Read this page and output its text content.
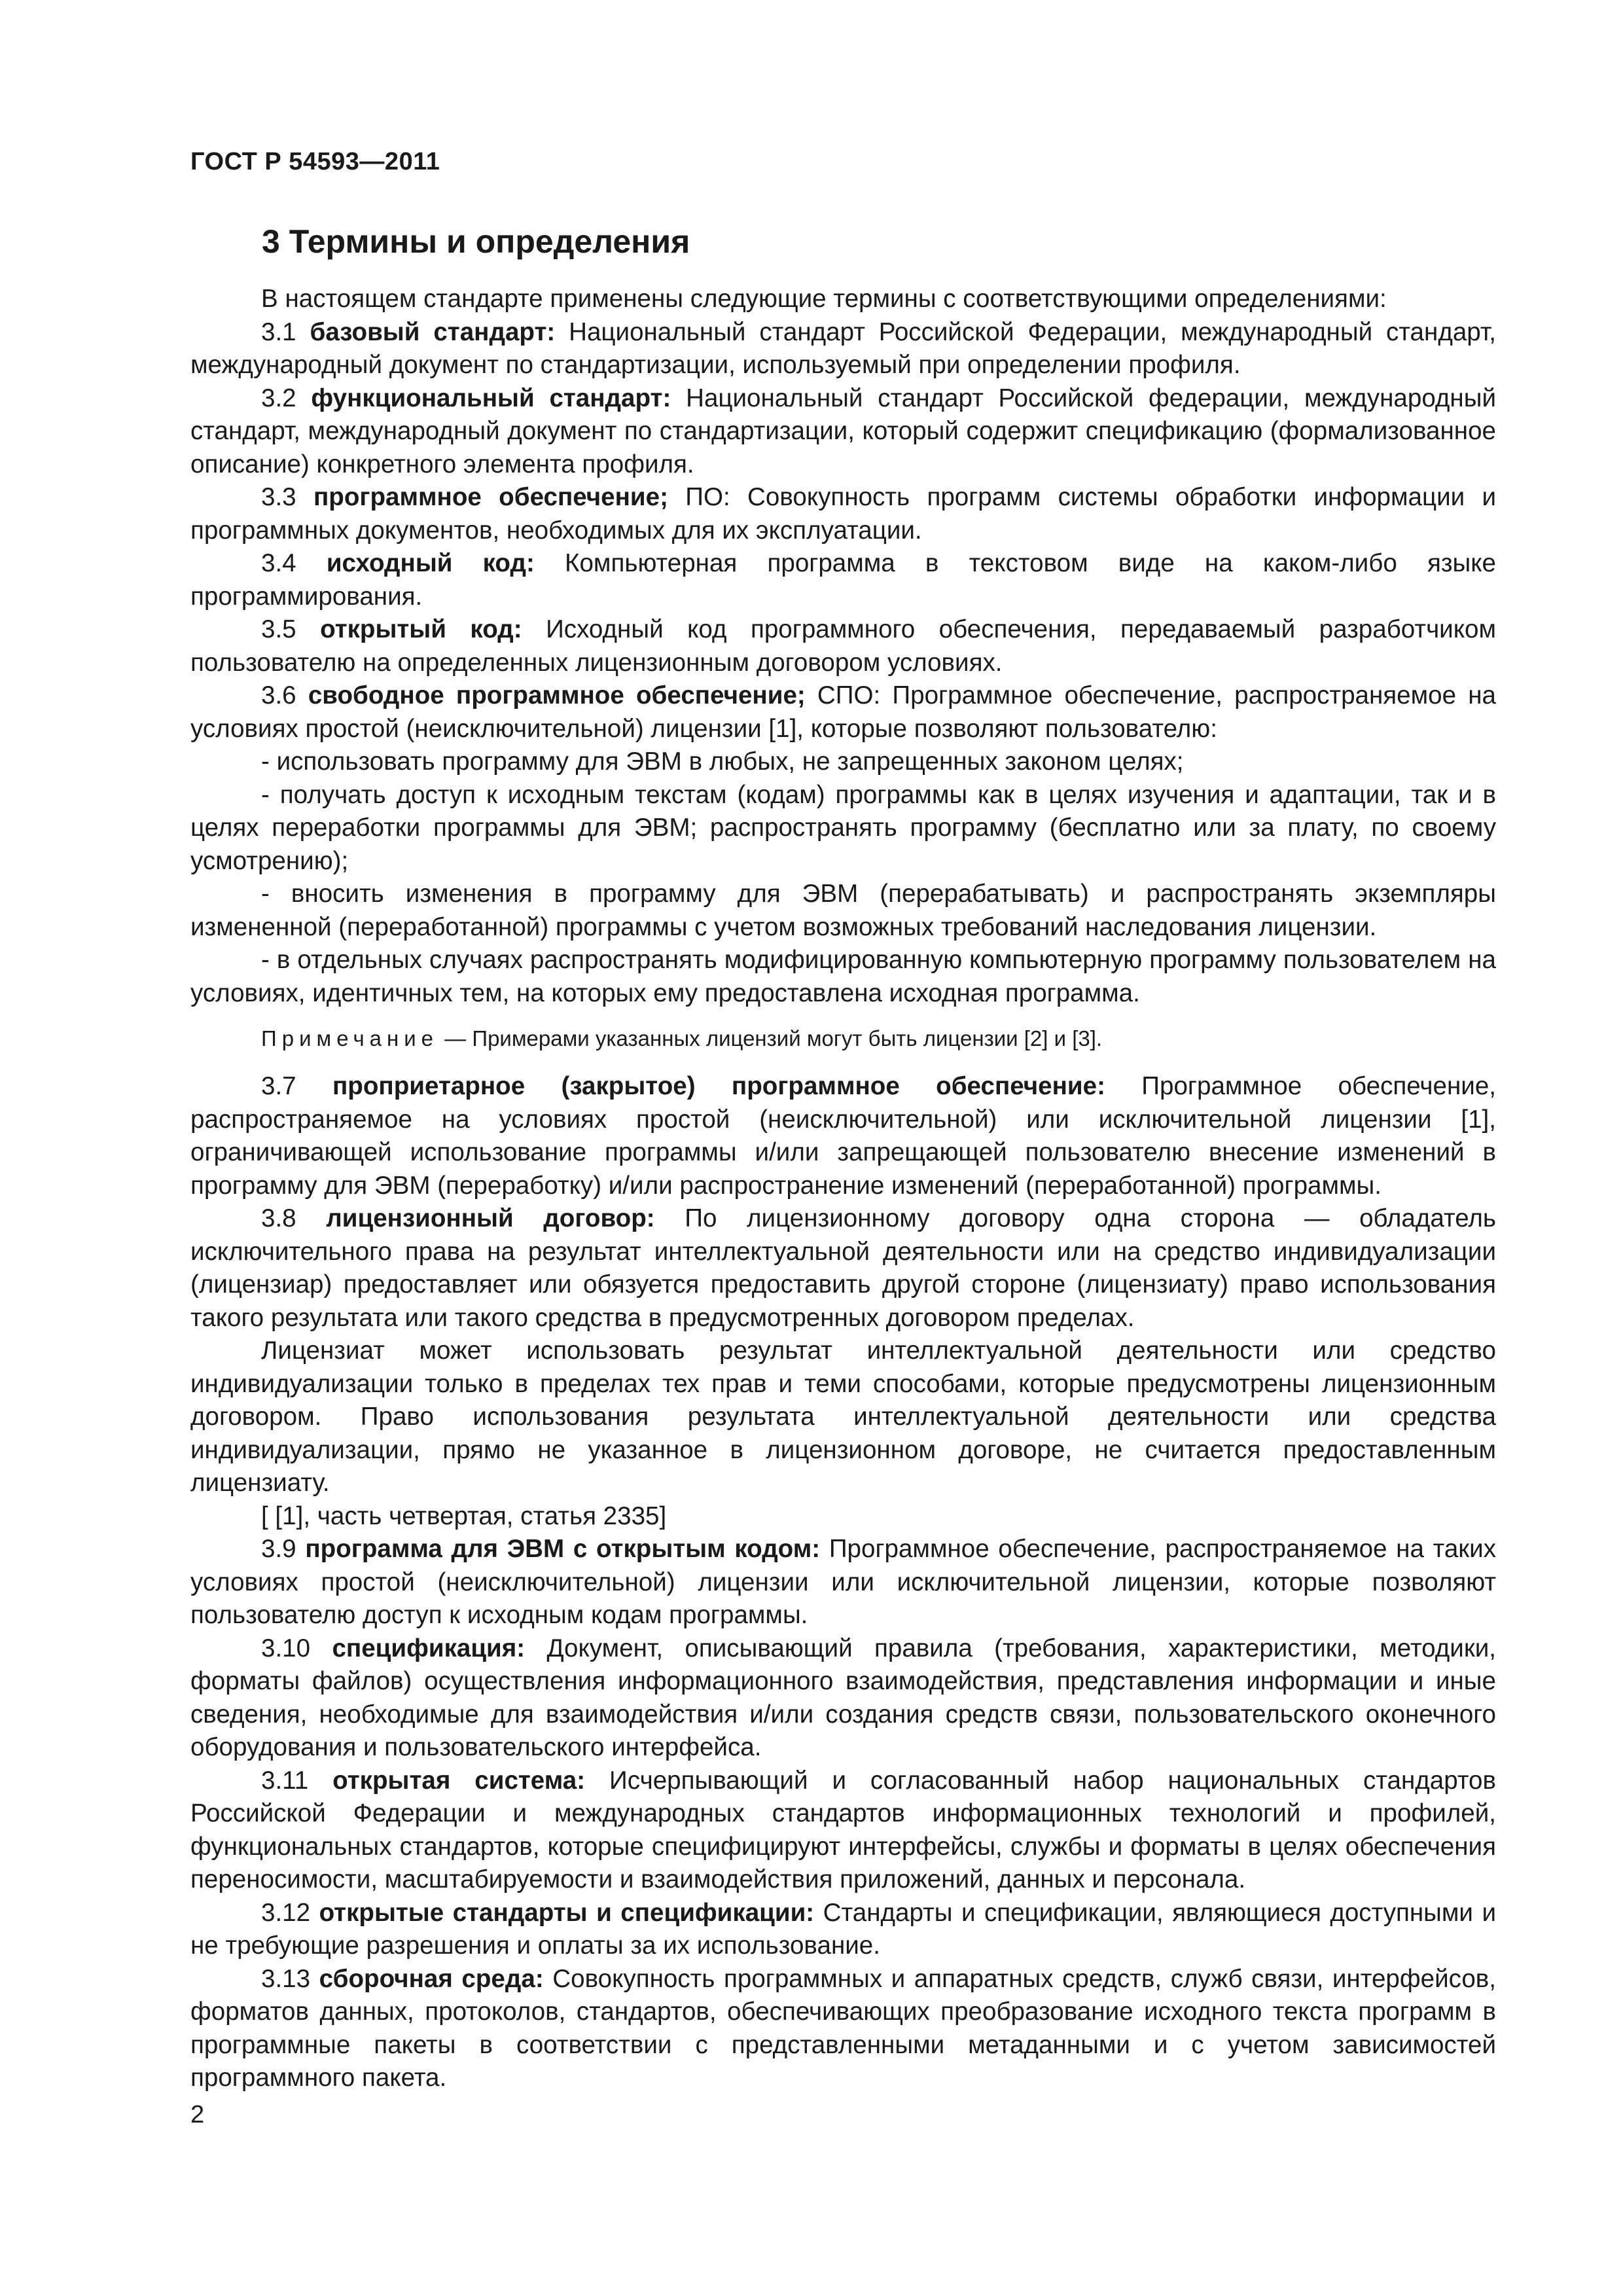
ГОСТ Р 54593—2011
3 Термины и определения

В настоящем стандарте применены следующие термины с соответствующими определениями:

3.1 базовый стандарт: Национальный стандарт Российской Федерации, международный стандарт, международный документ по стандартизации, используемый при определении профиля.

3.2 функциональный стандарт: Национальный стандарт Российской федерации, международный стандарт, международный документ по стандартизации, который содержит спецификацию (формализованное описание) конкретного элемента профиля.

3.3 программное обеспечение; ПО: Совокупность программ системы обработки информации и программных документов, необходимых для их эксплуатации.

3.4 исходный код: Компьютерная программа в текстовом виде на каком-либо языке программирования.

3.5 открытый код: Исходный код программного обеспечения, передаваемый разработчиком пользователю на определенных лицензионным договором условиях.

3.6 свободное программное обеспечение; СПО: Программное обеспечение, распространяемое на условиях простой (неисключительной) лицензии [1], которые позволяют пользователю:

- использовать программу для ЭВМ в любых, не запрещенных законом целях;

- получать доступ к исходным текстам (кодам) программы как в целях изучения и адаптации, так и в целях переработки программы для ЭВМ; распространять программу (бесплатно или за плату, по своему усмотрению);

- вносить изменения в программу для ЭВМ (перерабатывать) и распространять экземпляры измененной (переработанной) программы с учетом возможных требований наследования лицензии.

- в отдельных случаях распространять модифицированную компьютерную программу пользователем на условиях, идентичных тем, на которых ему предоставлена исходная программа.

Примечание — Примерами указанных лицензий могут быть лицензии [2] и [3].

3.7 проприетарное (закрытое) программное обеспечение: Программное обеспечение, распространяемое на условиях простой (неисключительной) или исключительной лицензии [1], ограничивающей использование программы и/или запрещающей пользователю внесение изменений в программу для ЭВМ (переработку) и/или распространение изменений (переработанной) программы.

3.8 лицензионный договор: По лицензионному договору одна сторона — обладатель исключительного права на результат интеллектуальной деятельности или на средство индивидуализации (лицензиар) предоставляет или обязуется предоставить другой стороне (лицензиату) право использования такого результата или такого средства в предусмотренных договором пределах.

Лицензиат может использовать результат интеллектуальной деятельности или средство индивидуализации только в пределах тех прав и теми способами, которые предусмотрены лицензионным договором. Право использования результата интеллектуальной деятельности или средства индивидуализации, прямо не указанное в лицензионном договоре, не считается предоставленным лицензиату.

[ [1], часть четвертая, статья 2335]

3.9 программа для ЭВМ с открытым кодом: Программное обеспечение, распространяемое на таких условиях простой (неисключительной) лицензии или исключительной лицензии, которые позволяют пользователю доступ к исходным кодам программы.

3.10 спецификация: Документ, описывающий правила (требования, характеристики, методики, форматы файлов) осуществления информационного взаимодействия, представления информации и иные сведения, необходимые для взаимодействия и/или создания средств связи, пользовательского оконечного оборудования и пользовательского интерфейса.

3.11 открытая система: Исчерпывающий и согласованный набор национальных стандартов Российской Федерации и международных стандартов информационных технологий и профилей, функциональных стандартов, которые специфицируют интерфейсы, службы и форматы в целях обеспечения переносимости, масштабируемости и взаимодействия приложений, данных и персонала.

3.12 открытые стандарты и спецификации: Стандарты и спецификации, являющиеся доступными и не требующие разрешения и оплаты за их использование.

3.13 сборочная среда: Совокупность программных и аппаратных средств, служб связи, интерфейсов, форматов данных, протоколов, стандартов, обеспечивающих преобразование исходного текста программ в программные пакеты в соответствии с представленными метаданными и с учетом зависимостей программного пакета.

2
